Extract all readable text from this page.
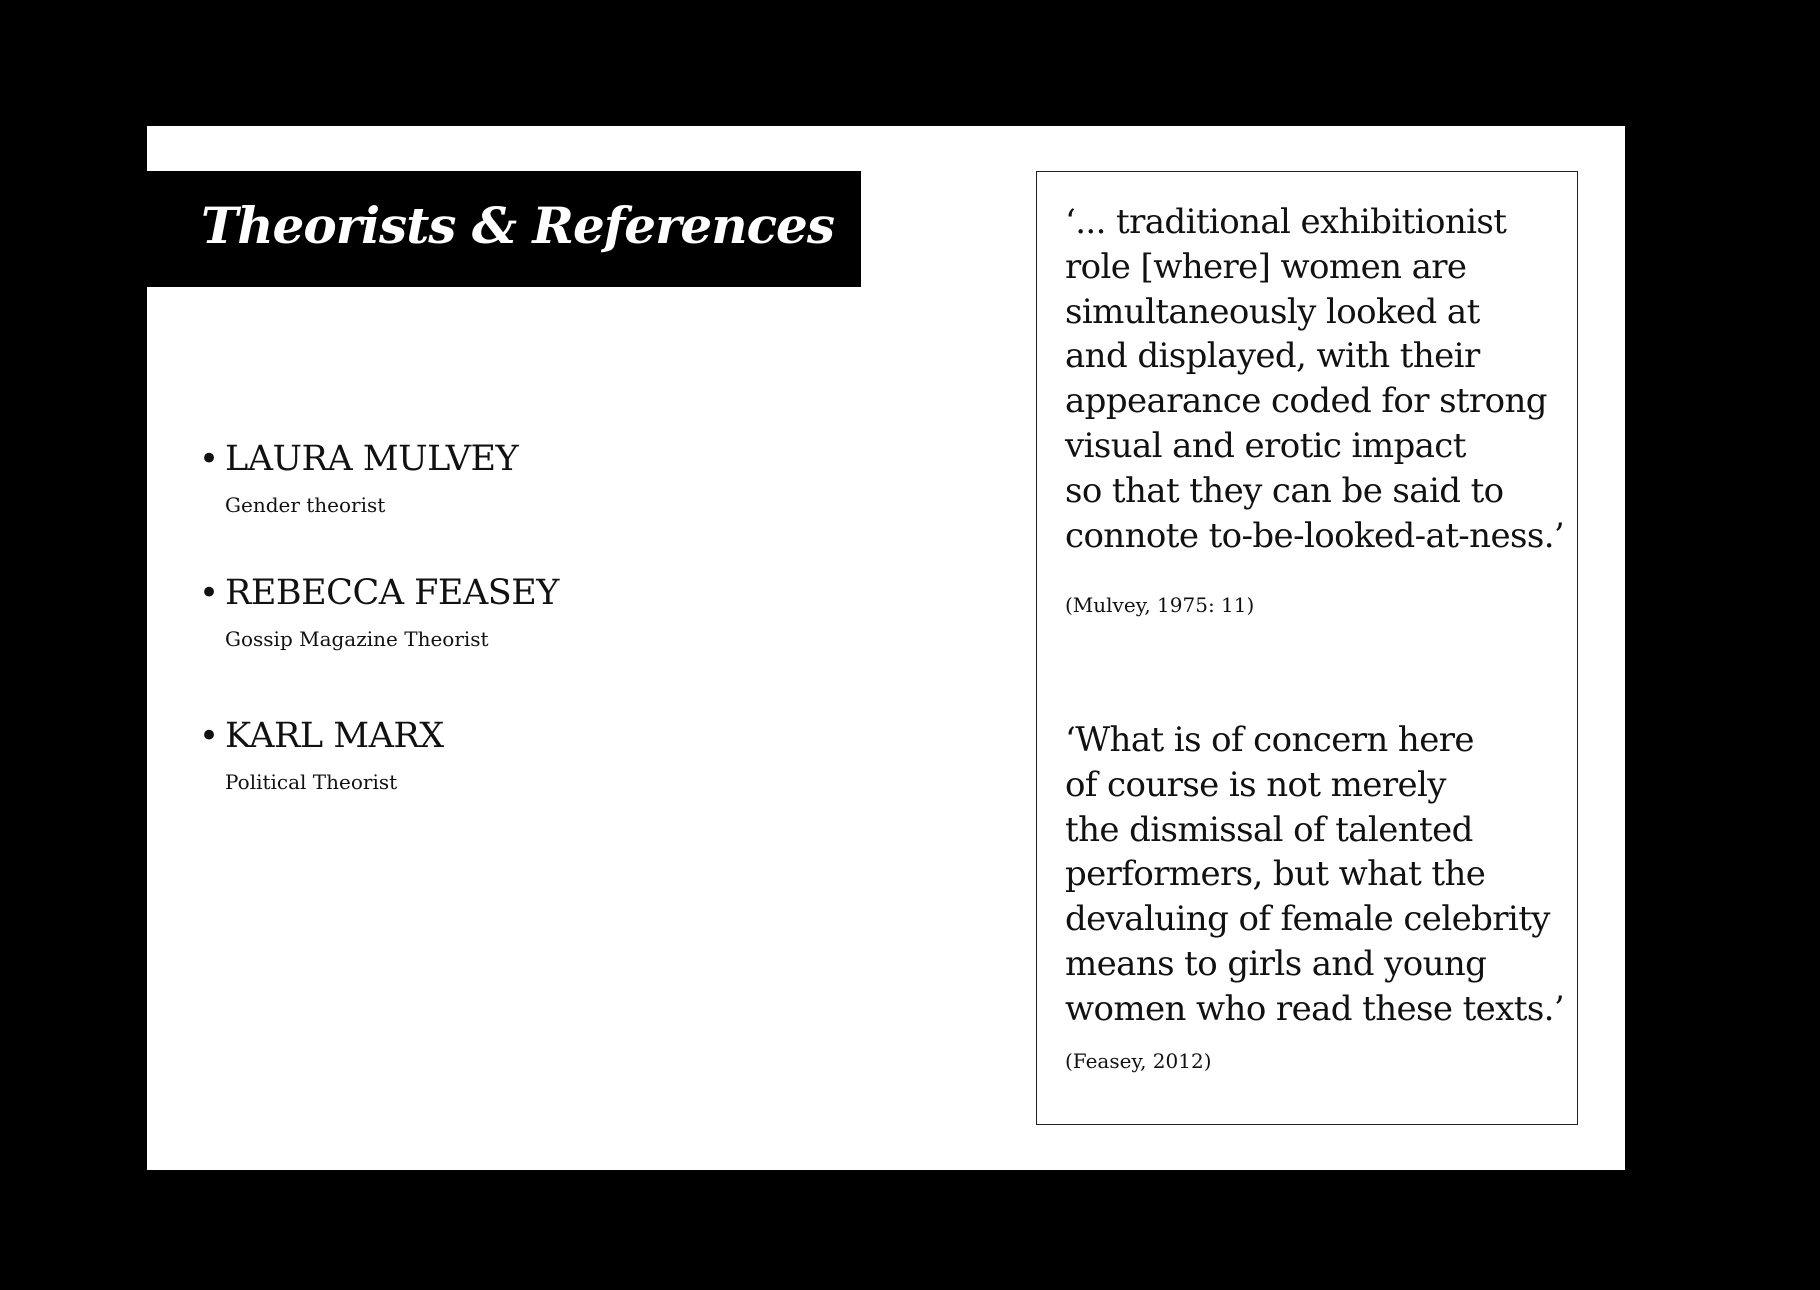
Theorists & References
• LAURA MULVEY
Gender theorist
• REBECCA FEASEY
Gossip Magazine Theorist
• KARL MARX
Political Theorist
‘... traditional exhibitionist
role [where] women are
simultaneously looked at
and displayed, with their
appearance coded for strong
visual and erotic impact
so that they can be said to
connote to-be-looked-at-ness.’
(Mulvey, 1975: 11)
‘What is of concern here
of course is not merely
the dismissal of talented
performers, but what the
devaluing of female celebrity
means to girls and young
women who read these texts.’
(Feasey, 2012)
